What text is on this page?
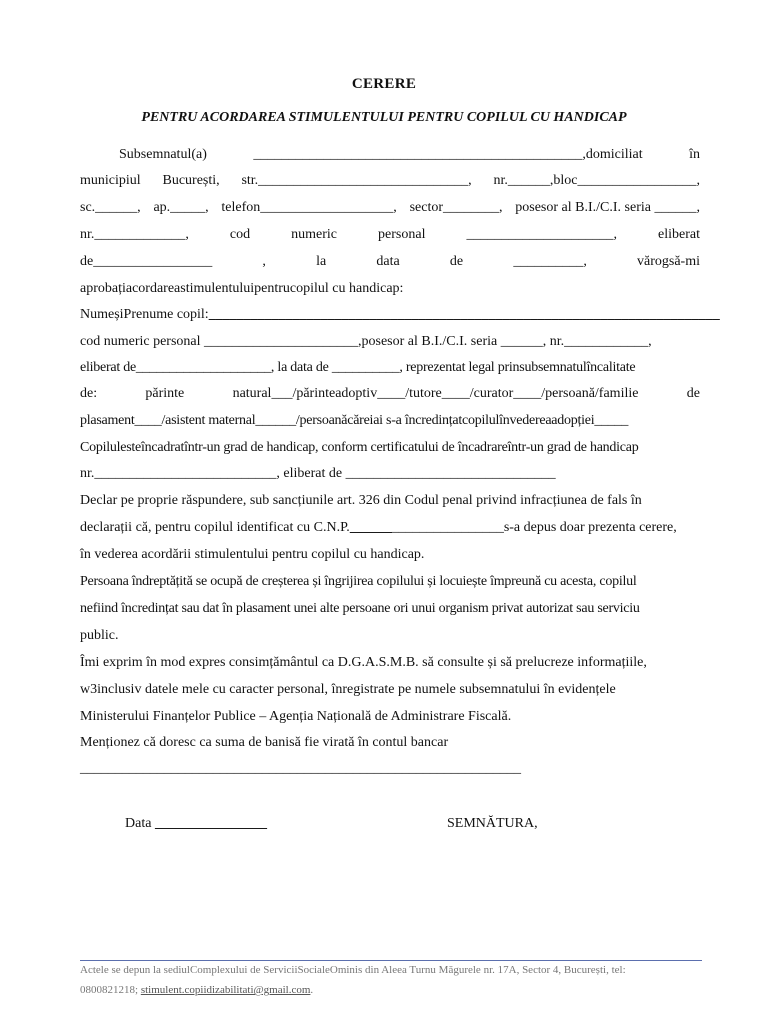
CERERE
PENTRU ACORDAREA STIMULENTULUI PENTRU COPILUL CU HANDICAP
Subsemnatul(a)	_______________________________________________,domiciliat	în
municipiul București, str.______________________________, nr.______,bloc_________________,
sc.______, ap._____, telefon___________________, sector________, posesor al B.I./C.I. seria ______,
nr._____________,	cod	numeric	personal	_____________________,	eliberat
de_________________	,	la	data	de	__________,	vărogsă-mi
aprobațiacordareastimulentuluipentrucopilul cu handicap:
NumeșiPrenume copil:_________________________________________________________________________
cod numeric personal ______________________,posesor al B.I./C.I. seria ______, nr.____________,
eliberat de____________________, la data de __________, reprezentat legal prinsubsemnatulîncalitate
de:	părinte	natural___/părinteadoptiv____/tutore____/curator____/persoană/familie	de
plasament____/asistent maternal______/persoanăcăreiai s-a încredințatcopilulînvedereaadopției_____
Copilulesteîncadratîntr-un grad de handicap, conform certificatului de încadrareîntr-un grad de handicap
nr.__________________________, eliberat de ______________________________
Declar pe proprie răspundere, sub sancțiunile art. 326 din Codul penal privind infracțiunea de fals în
declarații că, pentru copilul identificat cu C.N.P.______________________s-a depus doar prezenta cerere,
în vederea acordării stimulentului pentru copilul cu handicap.
Persoana îndreptățită se ocupă de creșterea și îngrijirea copilului și locuiește împreună cu acesta, copilul
nefiind încredințat sau dat în plasament unei alte persoane ori unui organism privat autorizat sau serviciu
public.
Îmi exprim în mod expres consimțământul ca D.G.A.S.M.B. să consulte și să prelucreze informațiile,
w3inclusiv datele mele cu caracter personal, înregistrate pe numele subsemnatului în evidențele
Ministerului Finanțelor Publice – Agenția Națională de Administrare Fiscală.
Menționez că doresc ca suma de banisă fie virată în contul bancar
_______________________________________________________________
Data ________________	SEMNĂTURA,
Actele se depun la sediulComplexului de ServiciiSocialeOminis din Aleea Turnu Măgurele nr. 17A, Sector 4, București, tel:
0800821218; stimulent.copiidizabilitati@gmail.com.
